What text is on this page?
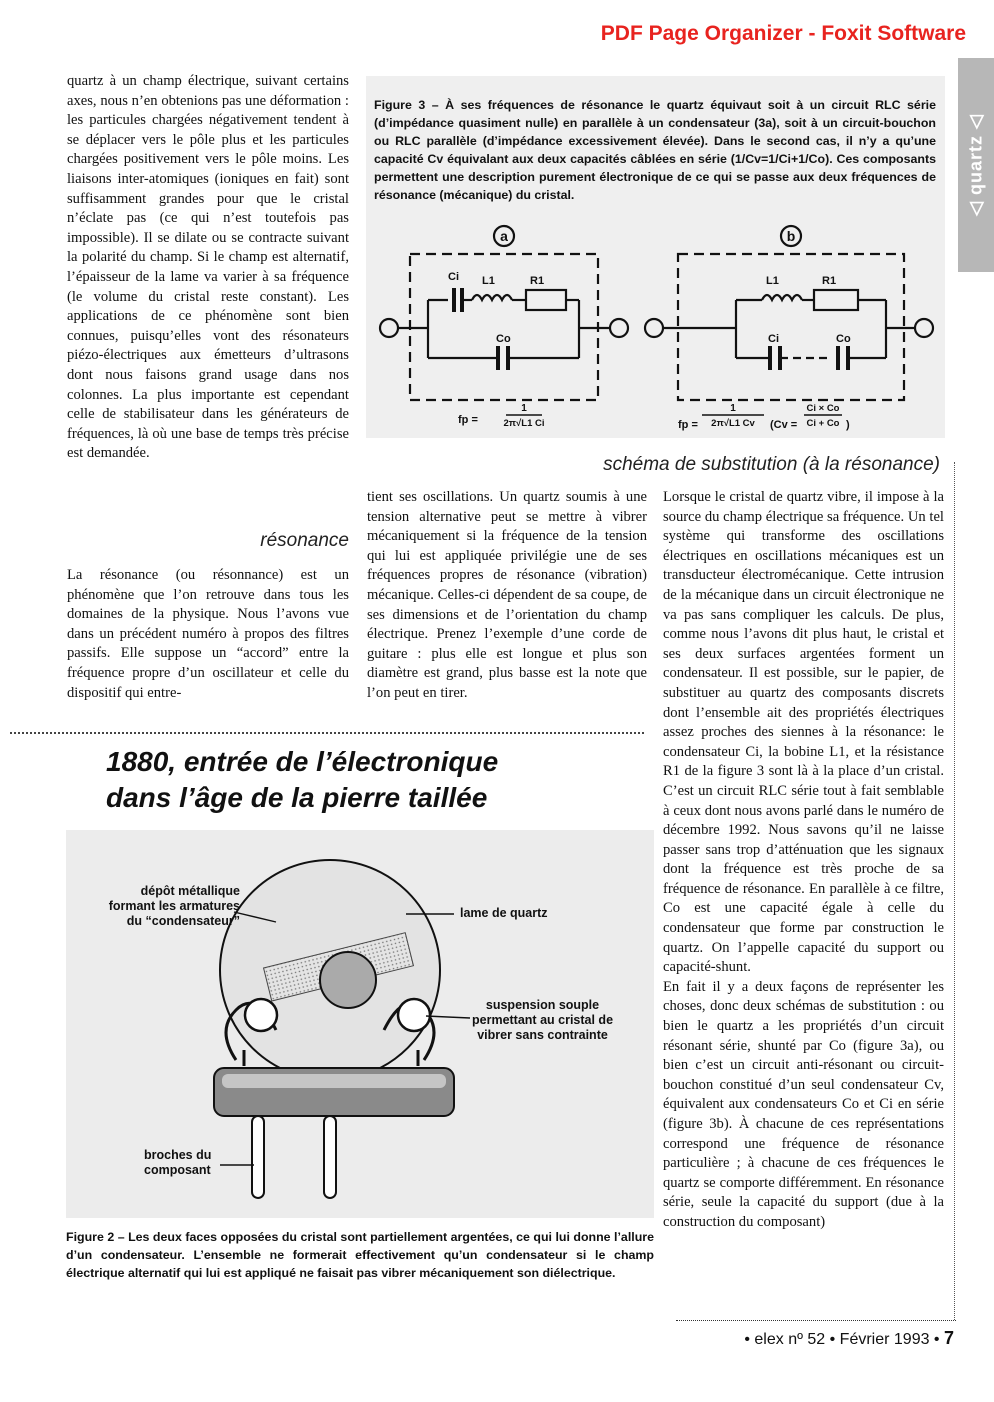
PDF Page Organizer - Foxit Software
◁ quartz ◁

quartz à un champ électrique, suivant certains axes, nous n’en obtenions pas une déformation : les particules chargées négativement tendent à se déplacer vers le pôle plus et les particules chargées positivement vers le pôle moins. Les liaisons inter-atomiques (ioniques en fait) sont suffisamment grandes pour que le cristal n’éclate pas (ce qui n’est toutefois pas impossible). Il se dilate ou se contracte suivant la polarité du champ. Si le champ est alternatif, l’épaisseur de la lame va varier à sa fréquence (le volume du cristal reste constant). Les applications de ce phénomène sont bien connues, puisqu’elles vont des résonateurs piézo-électriques aux émetteurs d’ultrasons dont nous faisons grand usage dans nos colonnes. La plus importante est cependant celle de stabilisateur dans les générateurs de fréquences, là où une base de temps très précise est demandée.

résonance

La résonance (ou résonnance) est un phénomène que l’on retrouve dans tous les domaines de la physique. Nous l’avons vue dans un précédent numéro à propos des filtres passifs. Elle suppose un “accord” entre la fréquence propre d’un oscillateur et celle du dispositif qui entre-

Figure 3 – À ses fréquences de résonance le quartz équivaut soit à un circuit RLC série (d’impédance quasiment nulle) en parallèle à un condensateur (3a), soit à un circuit-bouchon ou RLC parallèle (d’impédance excessivement élevée). Dans le second cas, il n’y a qu’une capacité Cv équivalant aux deux capacités câblées en série (1/Cv=1/Ci+1/Co). Ces composants permettent une description purement électronique de ce qui se passe aux deux fréquences de résonance (mécanique) du cristal.
a	b
Ci L1	R1
Co
L1	R1
Ci	Co
fp =
1
2π√L1 Ci	fp =
1
2π√L1 Cv (Cv =
Ci × Co
Ci + Co )
schéma de substitution (à la résonance)

tient ses oscillations. Un quartz soumis à une tension alternative peut se mettre à vibrer mécaniquement si la fréquence de la tension qui lui est appliquée privilégie une de ses fréquences propres de résonance (vibration) mécanique. Celles-ci dépendent de sa coupe, de ses dimensions et de l’orientation du champ électrique. Prenez l’exemple d’une corde de guitare : plus elle est longue et plus son diamètre est grand, plus basse est la note que l’on peut en tirer.

Lorsque le cristal de quartz vibre, il impose à la source du champ électrique sa fréquence. Un tel système qui transforme des oscillations électriques en oscillations mécaniques est un transducteur électromécanique. Cette intrusion de la mécanique dans un circuit électronique ne va pas sans compliquer les calculs. De plus, comme nous l’avons dit plus haut, le cristal et ses deux surfaces argentées forment un condensateur. Il est possible, sur le papier, de substituer au quartz des composants discrets dont l’ensemble ait des propriétés électriques assez proches des siennes à la résonance: le condensateur Ci, la bobine L1, et la résistance R1 de la figure 3 sont là à la place d’un cristal. C’est un circuit RLC série tout à fait semblable à ceux dont nous avons parlé dans le numéro de décembre 1992. Nous savons qu’il ne laisse passer sans trop d’atténuation que les signaux dont la fréquence est très proche de sa fréquence de résonance. En parallèle à ce filtre, Co est une capacité égale à celle du condensateur que forme par construction le quartz. On l’appelle capacité du support ou capacité-shunt.

En fait il y a deux façons de représenter les choses, donc deux schémas de substitution : ou bien le quartz a les propriétés d’un circuit résonant série, shunté par Co (figure 3a), ou bien c’est un circuit anti-résonant ou circuit-bouchon constitué d’un seul condensateur Cv, équivalent aux condensateurs Co et Ci en série (figure 3b). À chacune de ces représentations correspond une fréquence de résonance particulière ; à chacune de ces fréquences le quartz se comporte différemment. En résonance série, seule la capacité du support (due à la construction du composant)

1880, entrée de l’électronique
dans l’âge de la pierre taillée
dépôt métallique
formant les armatures
du “condensateur”
lame de quartz
suspension souple
permettant au cristal de
vibrer sans contrainte
broches du
composant
Figure 2 – Les deux faces opposées du cristal sont partiellement argentées, ce qui lui donne l’allure d’un condensateur. L’ensemble ne formerait effectivement qu’un condensateur si le champ électrique alternatif qui lui est appliqué ne faisait pas vibrer mécaniquement son diélectrique.
• elex nº 52 • Février 1993 • 7
